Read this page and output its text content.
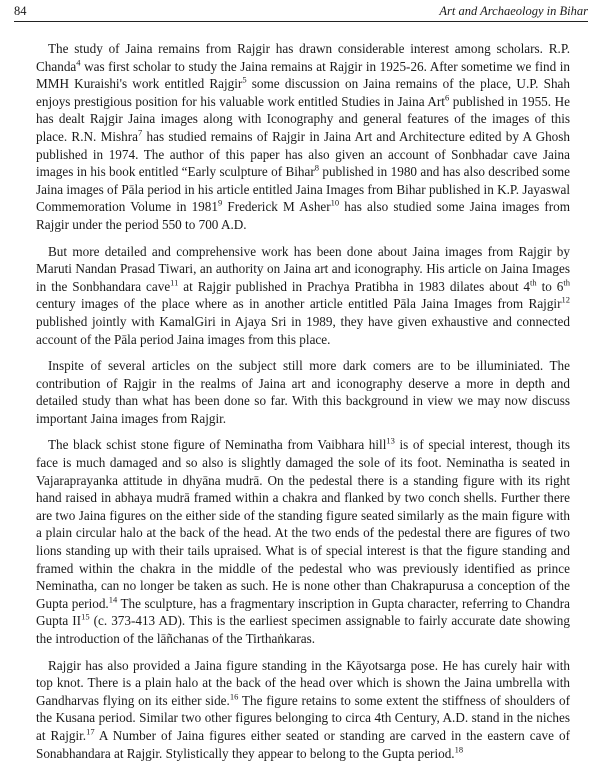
84	Art and Archaeology in Bihar

The study of Jaina remains from Rajgir has drawn considerable interest among scholars. R.P. Chanda$^4$ was first scholar to study the Jaina remains at Rajgir in 1925-26. After sometime we find in MMH Kuraishi's work entitled Rajgir$^5$ some discussion on Jaina remains of the place, U.P. Shah enjoys prestigious position for his valuable work entitled Studies in Jaina Art$^6$ published in 1955. He has dealt Rajgir Jaina images along with Iconography and general features of the images of this place. R.N. Mishra$^7$ has studied remains of Rajgir in Jaina Art and Architecture edited by A Ghosh published in 1974. The author of this paper has also given an account of Sonbhadar cave Jaina images in his book entitled “Early sculpture of Bihar$^8$ published in 1980 and has also described some Jaina images of Pāla period in his article entitled Jaina Images from Bihar published in K.P. Jayaswal Commemoration Volume in 1981$^9$ Frederick M Asher$^{10}$ has also studied some Jaina images from Rajgir under the period 550 to 700 A.D.

But more detailed and comprehensive work has been done about Jaina images from Rajgir by Maruti Nandan Prasad Tiwari, an authority on Jaina art and iconography. His article on Jaina Images in the Sonbhandara cave$^{11}$ at Rajgir published in Prachya Pratibha in 1983 dilates about 4th to 6th century images of the place where as in another article entitled Pāla Jaina Images from Rajgir$^{12}$ published jointly with KamalGiri in Ajaya Sri in 1989, they have given exhaustive and connected account of the Pāla period Jaina images from this place.

Inspite of several articles on the subject still more dark comers are to be illuminiated. The contribution of Rajgir in the realms of Jaina art and iconography deserve a more in depth and detailed study than what has been done so far. With this background in view we may now discuss important Jaina images from Rajgir.

The black schist stone figure of Neminatha from Vaibhara hill$^{13}$ is of special interest, though its face is much damaged and so also is slightly damaged the sole of its foot. Neminatha is seated in Vajaraprayanka attitude in dhyāna mudrā. On the pedestal there is a standing figure with its right hand raised in abhaya mudrā framed within a chakra and flanked by two conch shells. Further there are two Jaina figures on the either side of the standing figure seated similarly as the main figure with a plain circular halo at the back of the head. At the two ends of the pedestal there are figures of two lions standing up with their tails upraised. What is of special interest is that the figure standing and framed within the chakra in the middle of the pedestal who was previously identified as prince Neminatha, can no longer be taken as such. He is none other than Chakrapurusa a conception of the Gupta period.$^{14}$ The sculpture, has a fragmentary inscription in Gupta character, referring to Chandra Gupta II$^{15}$ (c. 373-413 AD). This is the earliest specimen assignable to fairly accurate date showing the introduction of the lāñchanas of the Tirthaṅkaras.

Rajgir has also provided a Jaina figure standing in the Kāyotsarga pose. He has curely hair with top knot. There is a plain halo at the back of the head over which is shown the Jaina umbrella with Gandharvas flying on its either side.$^{16}$ The figure retains to some extent the stiffness of shoulders of the Kusana period. Similar two other figures belonging to circa 4th Century, A.D. stand in the niches at Rajgir.$^{17}$ A Number of Jaina figures either seated or standing are carved in the eastern cave of Sonabhandara at Rajgir. Stylistically they appear to belong to the Gupta period.$^{18}$
